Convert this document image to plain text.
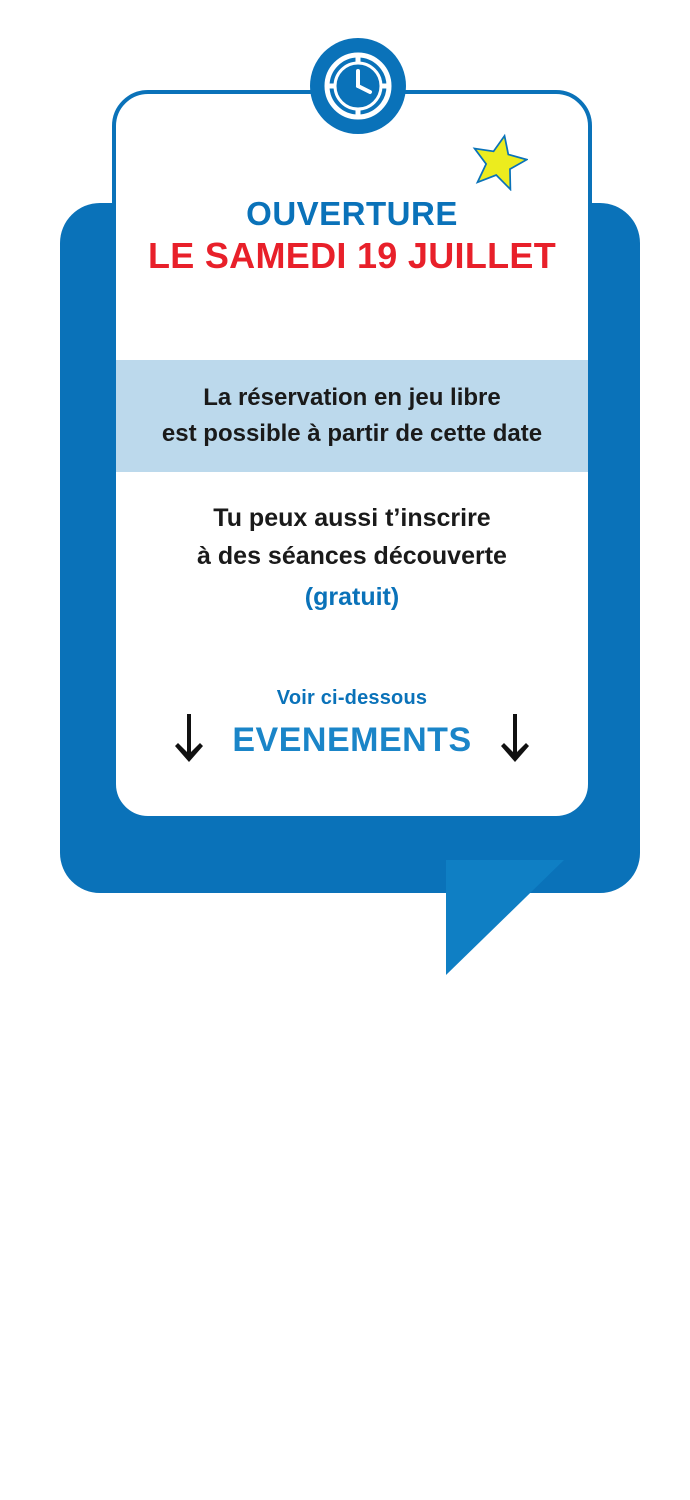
OUVERTURE
LE SAMEDI 19 JUILLET
La réservation en jeu libre
est possible à partir de cette date
Tu peux aussi t’inscrire
à des séances découverte
(gratuit)
Voir ci-dessous
EVENEMENTS
